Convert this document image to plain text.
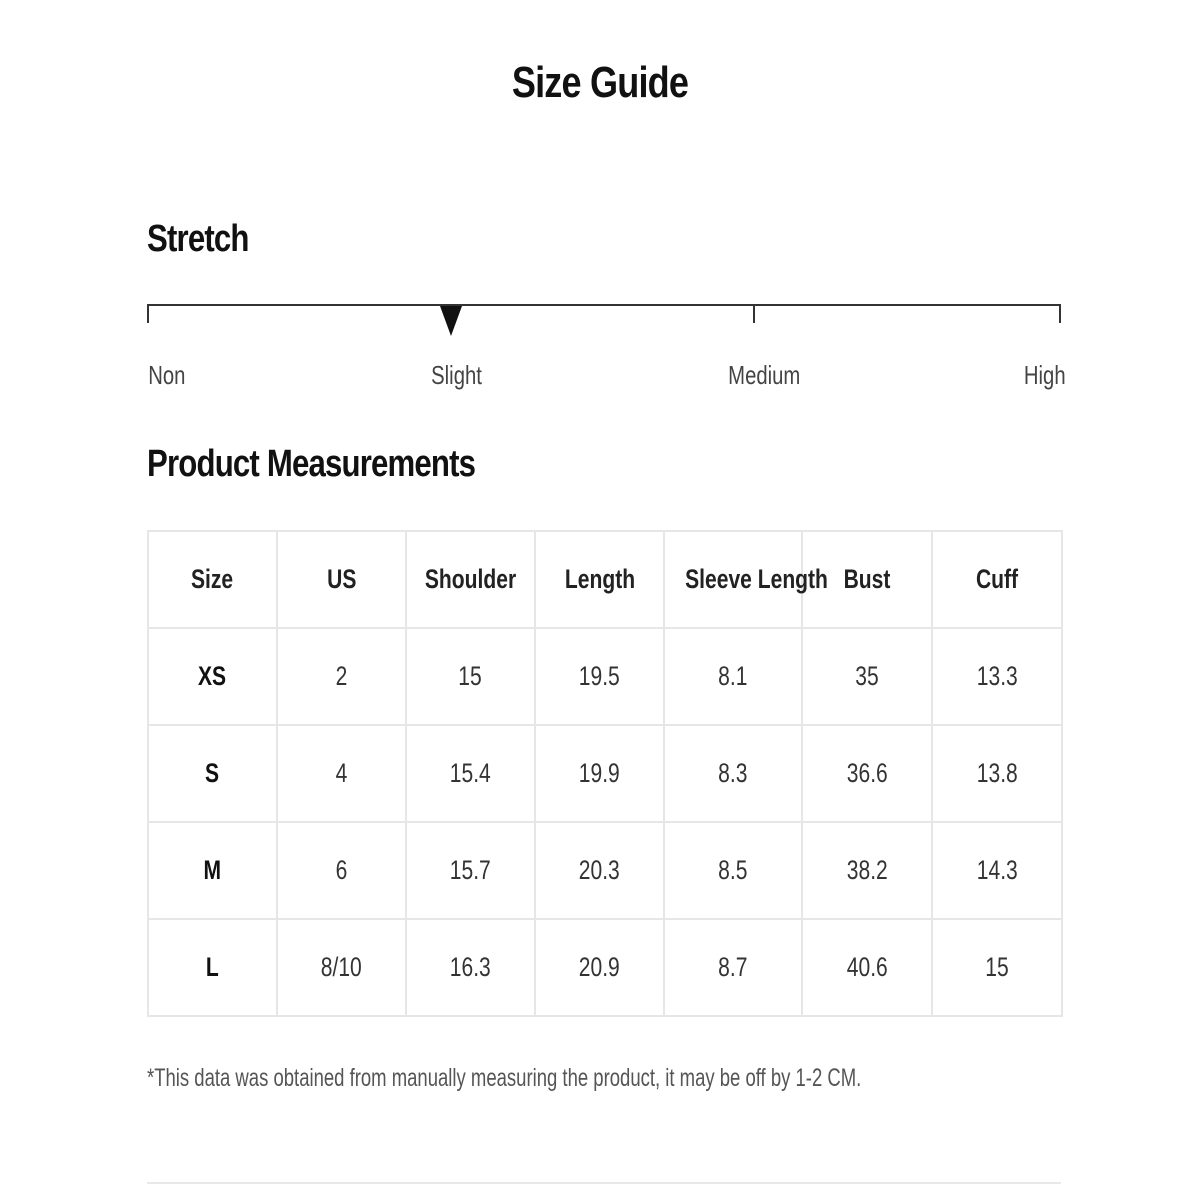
Size Guide
Stretch
Non	Slight	Medium	High
Product Measurements
Size	US	Shoulder	Length	Sleeve Length	Bust	Cuff
XS	2	15	19.5	8.1	35	13.3
S	4	15.4	19.9	8.3	36.6	13.8
M	6	15.7	20.3	8.5	38.2	14.3
L	8/10	16.3	20.9	8.7	40.6	15
*This data was obtained from manually measuring the product, it may be off by 1-2 CM.
